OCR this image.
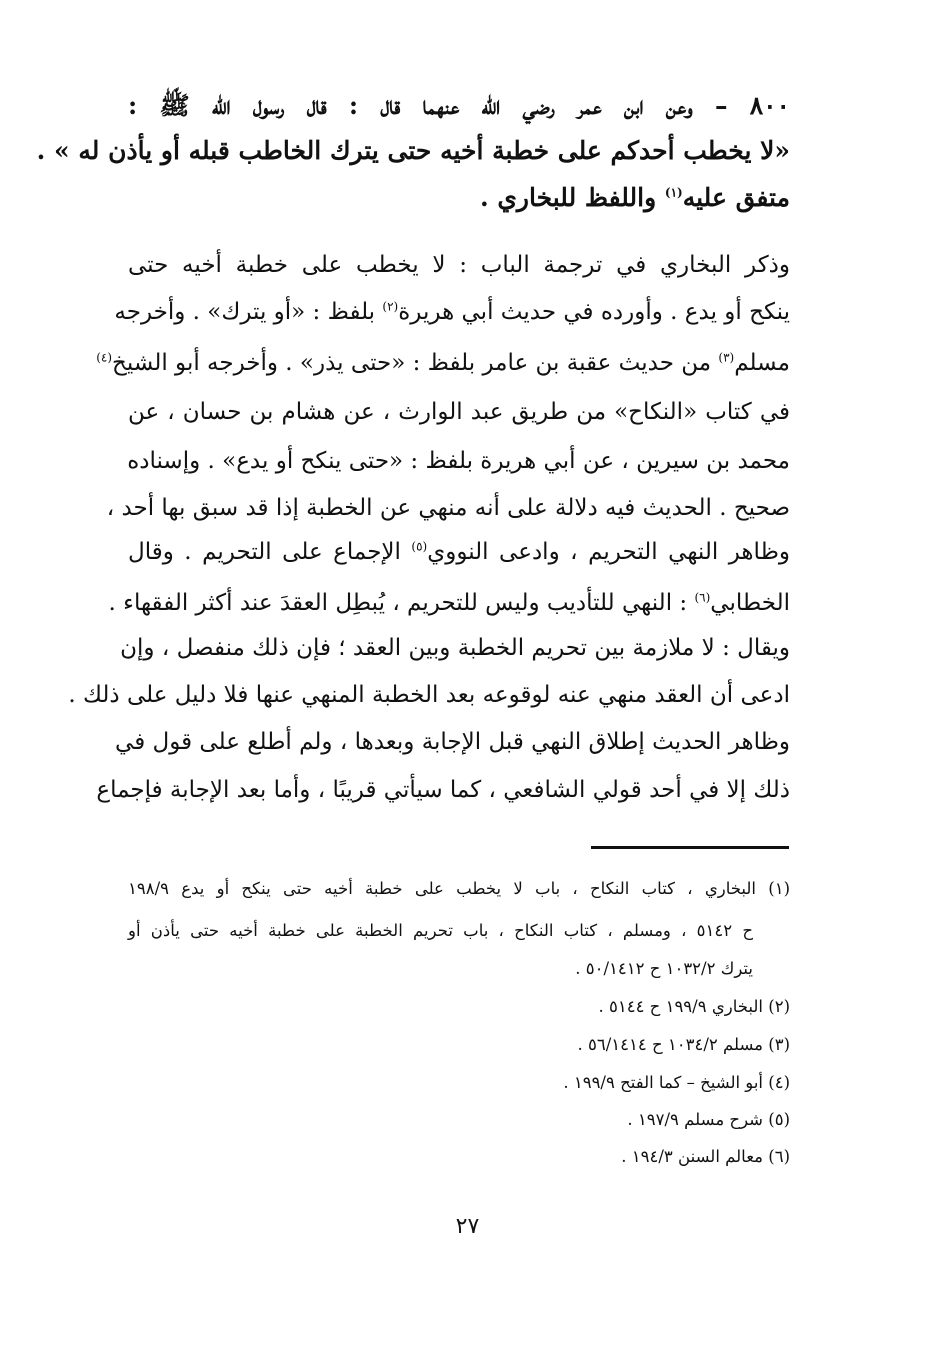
٨٠٠ – وعن ابن عمر رضي الله عنهما قال : قال رسول الله ﷺ :
«لا يخطب أحدكم على خطبة أخيه حتى يترك الخاطب قبله أو يأذن له » .
متفق عليه$^{(١)}$ واللفظ للبخاري .
وذكر البخاري في ترجمة الباب : لا يخطب على خطبة أخيه حتى
ينكح أو يدع . وأورده في حديث أبي هريرة$^{(٢)}$ بلفظ : «أو يترك» . وأخرجه
مسلم$^{(٣)}$ من حديث عقبة بن عامر بلفظ : «حتى يذر» . وأخرجه أبو الشيخ$^{(٤)}$
في كتاب «النكاح» من طريق عبد الوارث ، عن هشام بن حسان ، عن
محمد بن سيرين ، عن أبي هريرة بلفظ : «حتى ينكح أو يدع» . وإسناده
صحيح . الحديث فيه دلالة على أنه منهي عن الخطبة إذا قد سبق بها أحد ،
وظاهر النهي التحريم ، وادعى النووي$^{(٥)}$ الإجماع على التحريم . وقال
الخطابي$^{(٦)}$ : النهي للتأديب وليس للتحريم ، يُبطِل العقدَ عند أكثر الفقهاء .
ويقال : لا ملازمة بين تحريم الخطبة وبين العقد ؛ فإن ذلك منفصل ، وإن
ادعى أن العقد منهي عنه لوقوعه بعد الخطبة المنهي عنها فلا دليل على ذلك .
وظاهر الحديث إطلاق النهي قبل الإجابة وبعدها ، ولم أطلع على قول في
ذلك إلا في أحد قولي الشافعي ، كما سيأتي قريبًا ، وأما بعد الإجابة فإجماع
(١) البخاري ، كتاب النكاح ، باب لا يخطب على خطبة أخيه حتى ينكح أو يدع ١٩٨/٩
ح ٥١٤٢ ، ومسلم ، كتاب النكاح ، باب تحريم الخطبة على خطبة أخيه حتى يأذن أو
يترك ١٠٣٢/٢ ح ٥٠/١٤١٢ .
(٢) البخاري ١٩٩/٩ ح ٥١٤٤ .
(٣) مسلم ١٠٣٤/٢ ح ٥٦/١٤١٤ .
(٤) أبو الشيخ – كما الفتح ١٩٩/٩ .
(٥) شرح مسلم ١٩٧/٩ .
(٦) معالم السنن ١٩٤/٣ .
٢٧
